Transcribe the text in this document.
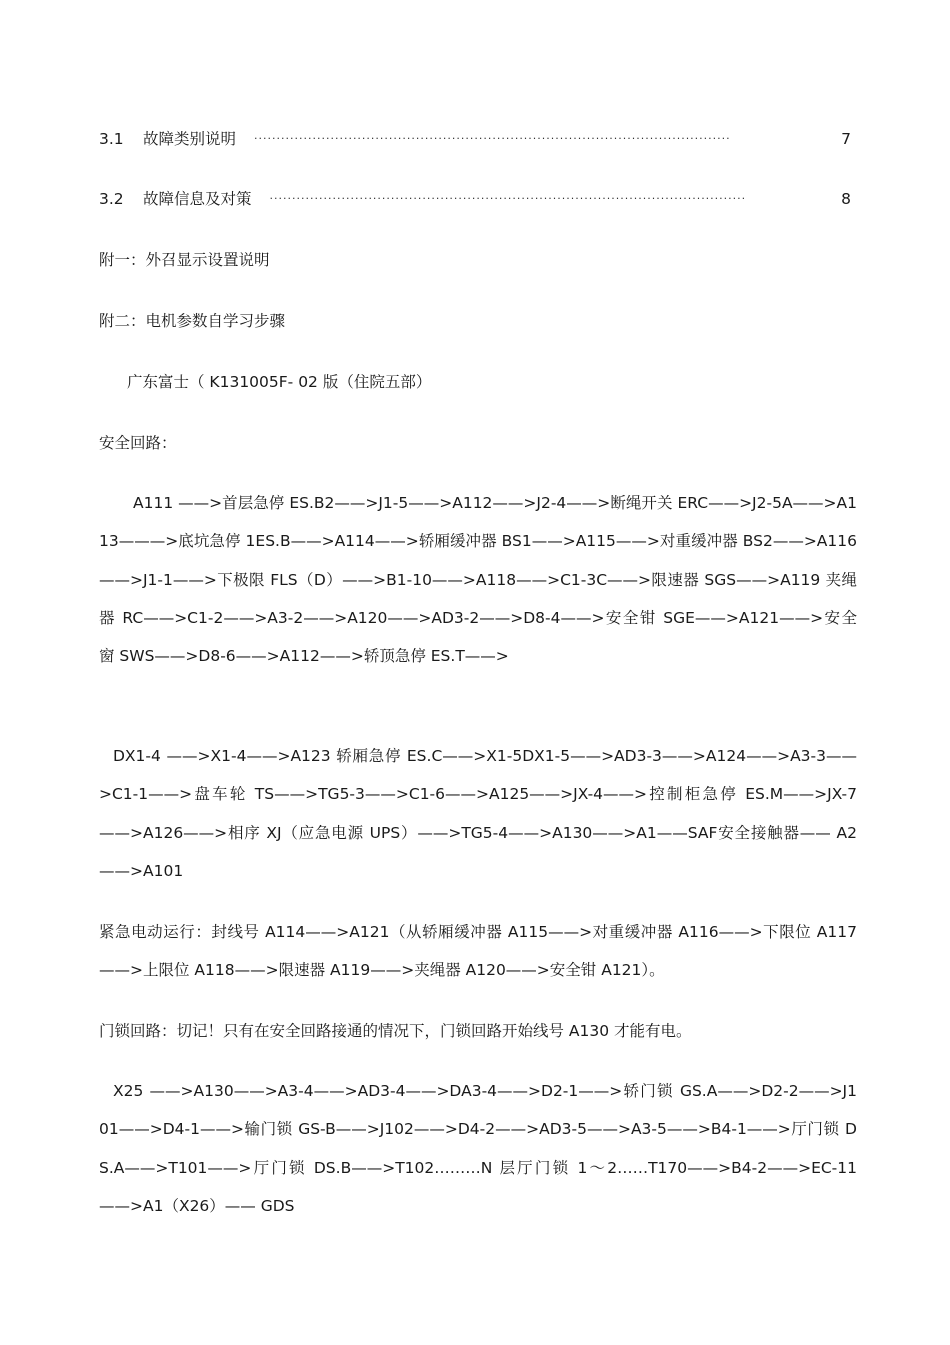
3.1	故障类别说明 ··········································································································	7
3.2	故障信息及对策 ··········································································································	8
附一：外召显示设置说明
附二：电机参数自学习步骤
广东富士（ K131005F- 02 版（住院五部）
安全回路：
A111 ——>首层急停 ES.B2——>J1-5——>A112——>J2-4——>断绳开关 ERC——>J2-5A——>A113———>底坑急停 1ES.B——>A114——>轿厢缓冲器 BS1——>A115——>对重缓冲器 BS2——>A116——>J1-1——>下极限 FLS（D）——>B1-10——>A118——>C1-3C——>限速器 SGS——>A119 夹绳器 RC——>C1-2——>A3-2——>A120——>AD3-2——>D8-4——>安全钳 SGE——>A121——>安全窗 SWS——>D8-6——>A112——>轿顶急停 ES.T——>
DX1-4 ——>X1-4——>A123 轿厢急停 ES.C——>X1-5DX1-5——>AD3-3——>A124——>A3-3——>C1-1——>盘车轮 TS——>TG5-3——>C1-6——>A125——>JX-4——>控制柜急停 ES.M——>JX-7——>A126——>相序 XJ（应急电源 UPS）——>TG5-4——>A130——>A1——SAF安全接触器—— A2——>A101
紧急电动运行：封线号 A114——>A121（从轿厢缓冲器 A115——>对重缓冲器 A116——>下限位 A117——>上限位 A118——>限速器 A119——>夹绳器 A120——>安全钳 A121）。
门锁回路：切记！只有在安全回路接通的情况下，门锁回路开始线号 A130 才能有电。
X25 ——>A130——>A3-4——>AD3-4——>DA3-4——>D2-1——>轿门锁 GS.A——>D2-2——>J101——>D4-1——>输门锁 GS-B——>J102——>D4-2——>AD3-5——>A3-5——>B4-1——>厅门锁 DS.A——>T101——>厅门锁 DS.B——>T102………N 层厅门锁 1～2……T170——>B4-2——>EC-11——>A1（X26）—— GDS
